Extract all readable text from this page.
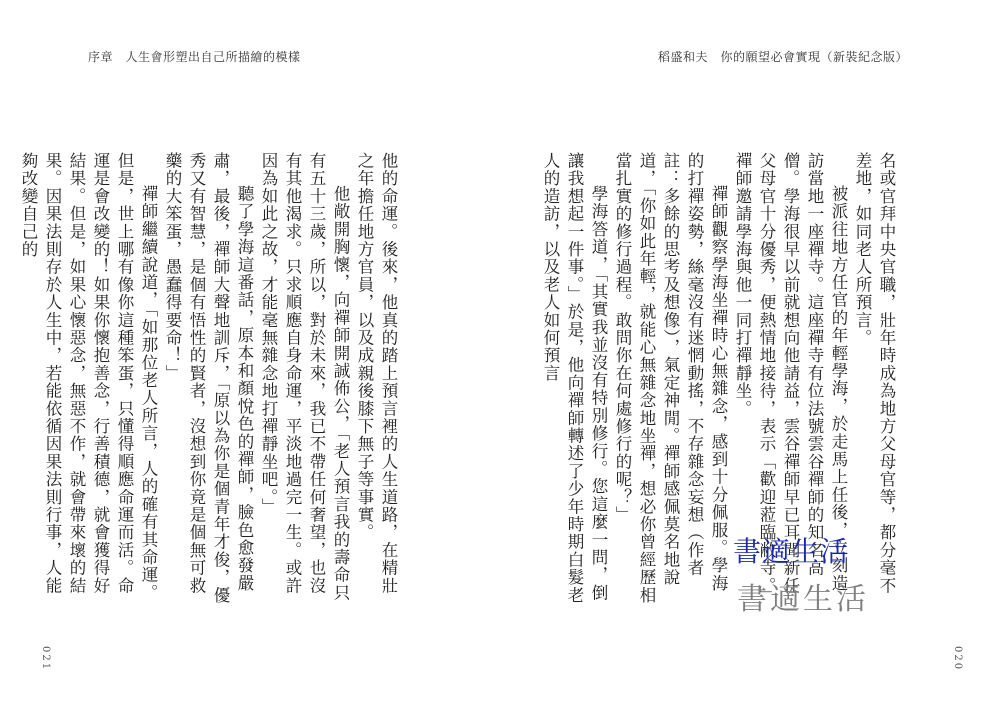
序章　人生會形塑出自己所描繪的模樣

他的命運。後來，他真的踏上預言裡的人生道路，在精壯之年擔任地方官員，以及成親後膝下無子等事實。

他敞開胸懷，向禪師開誠佈公，「老人預言我的壽命只有五十三歲，所以，對於未來，我已不帶任何奢望，也沒有其他渴求。只求順應自身命運，平淡地過完一生。或許因為如此之故，才能毫無雜念地打禪靜坐吧。」

聽了學海這番話，原本和顏悅色的禪師，臉色愈發嚴肅，最後，禪師大聲地訓斥，「原以為你是個青年才俊，優秀又有智慧，是個有悟性的賢者，沒想到你竟是個無可救藥的大笨蛋，愚蠢得要命！」

禪師繼續說道，「如那位老人所言，人的確有其命運。但是，世上哪有像你這種笨蛋，只懂得順應命運而活。命運是會改變的！如果你懷抱善念，行善積德，就會獲得好結果。但是，如果心懷惡念，無惡不作，就會帶來壞的結果。因果法則存於人生中，若能依循因果法則行事，人能夠改變自己的

021
稻盛和夫　你的願望必會實現（新裝紀念版）

名或官拜中央官職，壯年時成為地方父母官等，都分毫不差地，如同老人所預言。

被派往地方任官的年輕學海，於走馬上任後，立刻造訪當地一座禪寺。這座禪寺有位法號雲谷禪師的知名高僧。學海很早以前就想向他請益，雲谷禪師早已耳聞新任父母官十分優秀，便熱情地接待，表示「歡迎蒞臨敝寺。」禪師邀請學海與他一同打禪靜坐。

禪師觀察學海坐禪時心無雜念，感到十分佩服。學海的打禪姿勢，絲毫沒有迷惘動搖，不存雜念妄想（作者註：多餘的思考及想像），氣定神閒。禪師感佩莫名地說道，「你如此年輕，就能心無雜念地坐禪，想必你曾經歷相當扎實的修行過程。敢問你在何處修行的呢？」

學海答道，「其實我並沒有特別修行。您這麼一問，倒讓我想起一件事。」於是，他向禪師轉述了少年時期白髮老人的造訪，以及老人如何預言

020
書適生活
書適生活
